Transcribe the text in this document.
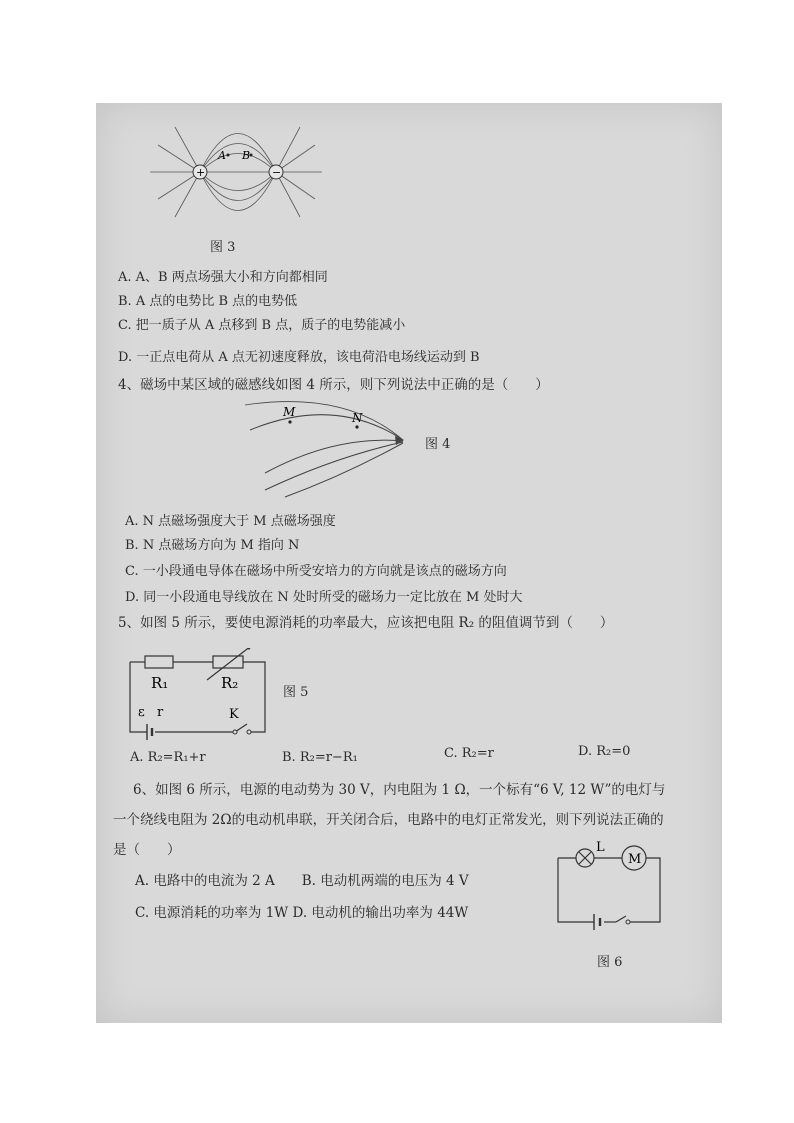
+	−
A B
图 3
A. A、B 两点场强大小和方向都相同
B. A 点的电势比 B 点的电势低
C. 把一质子从 A 点移到 B 点，质子的电势能减小
D. 一正点电荷从 A 点无初速度释放，该电荷沿电场线运动到 B
4、磁场中某区域的磁感线如图 4 所示，则下列说法中正确的是（　　）
M	N
图 4
A. N 点磁场强度大于 M 点磁场强度
B. N 点磁场方向为 M 指向 N
C. 一小段通电导体在磁场中所受安培力的方向就是该点的磁场方向
D. 同一小段通电导线放在 N 处时所受的磁场力一定比放在 M 处时大
5、如图 5 所示，要使电源消耗的功率最大，应该把电阻 R₂ 的阻值调节到（　　）
R₁	R₂
ε r	K
图 5
A. R₂=R₁+r	B. R₂=r−R₁	C. R₂=r	D. R₂=0
6、如图 6 所示，电源的电动势为 30 V，内电阻为 1 Ω，一个标有“6 V, 12 W”的电灯与
一个绕线电阻为 2Ω的电动机串联，开关闭合后，电路中的电灯正常发光，则下列说法正确的
是（　　）
A. 电路中的电流为 2 A　　B. 电动机两端的电压为 4 V
C. 电源消耗的功率为 1W D. 电动机的输出功率为 44W
L
M
图 6
